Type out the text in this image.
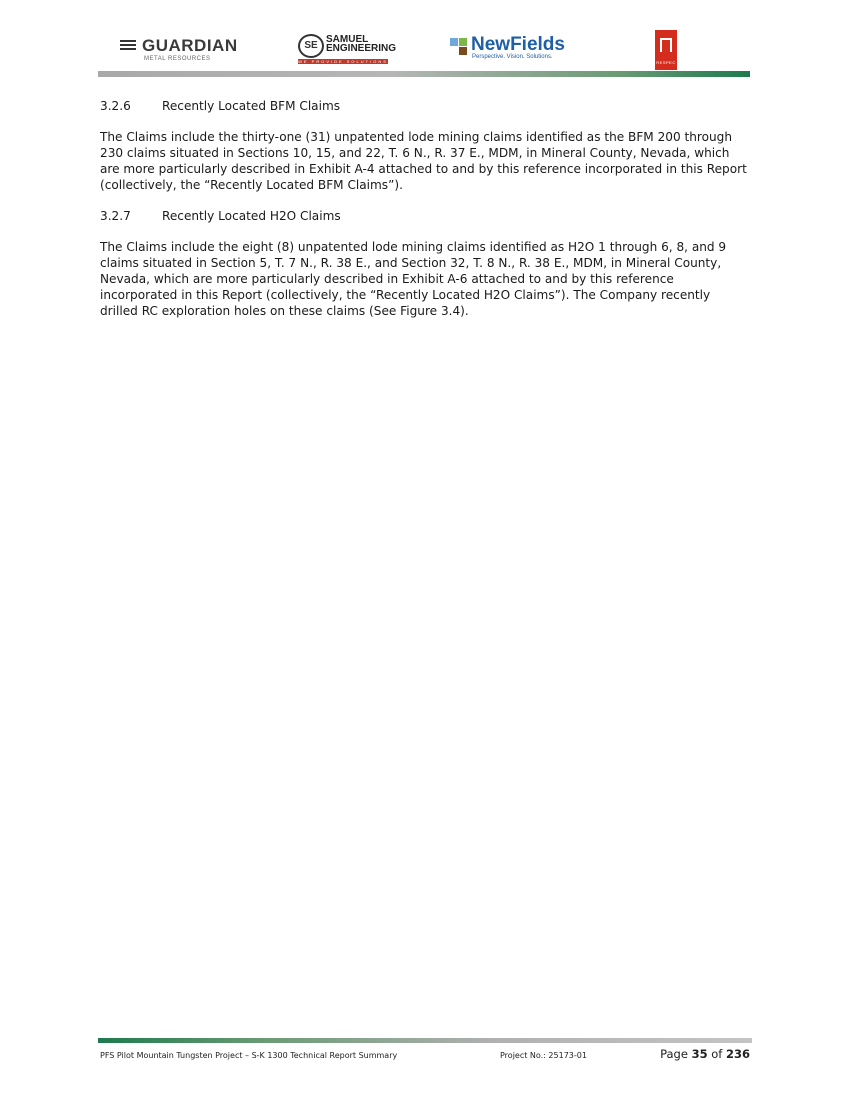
GUARDIAN
METAL RESOURCES
SE
SAMUEL
ENGINEERING
WE PROVIDE SOLUTIONS
NewFields
Perspective. Vision. Solutions.
RESPEC
3.2.6	Recently Located BFM Claims

The Claims include the thirty-one (31) unpatented lode mining claims identified as the BFM 200 through 230 claims situated in Sections 10, 15, and 22, T. 6 N., R. 37 E., MDM, in Mineral County, Nevada, which are more particularly described in Exhibit A-4 attached to and by this reference incorporated in this Report (collectively, the “Recently Located BFM Claims”).

3.2.7	Recently Located H2O Claims

The Claims include the eight (8) unpatented lode mining claims identified as H2O 1 through 6, 8, and 9 claims situated in Section 5, T. 7 N., R. 38 E., and Section 32, T. 8 N., R. 38 E., MDM, in Mineral County, Nevada, which are more particularly described in Exhibit A-6 attached to and by this reference incorporated in this Report (collectively, the “Recently Located H2O Claims”). The Company recently drilled RC exploration holes on these claims (See Figure 3.4).

PFS Pilot Mountain Tungsten Project – S-K 1300 Technical Report Summary	Project No.: 25173-01	Page 35 of 236
